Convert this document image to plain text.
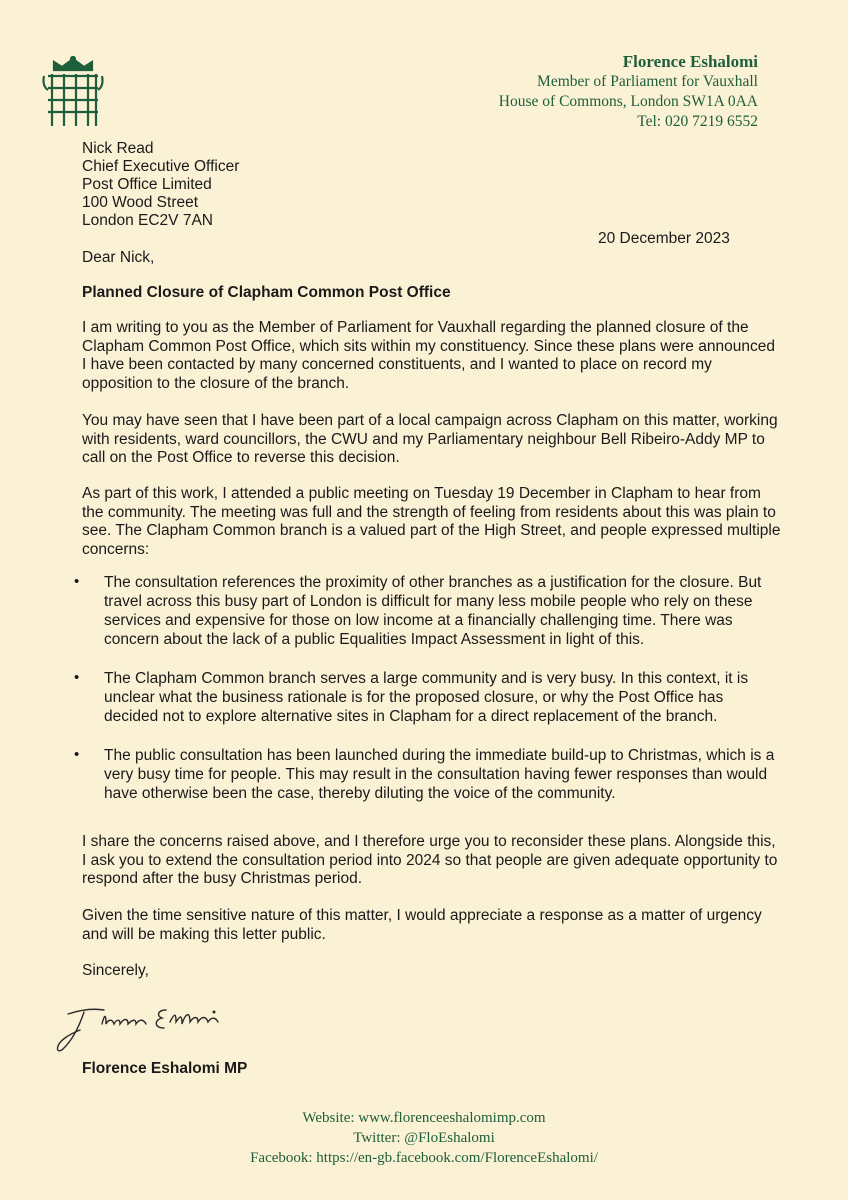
Florence Eshalomi
Member of Parliament for Vauxhall
House of Commons, London SW1A 0AA
Tel: 020 7219 6552
Nick Read
Chief Executive Officer
Post Office Limited
100 Wood Street
London EC2V 7AN
20 December 2023
Dear Nick,
Planned Closure of Clapham Common Post Office

I am writing to you as the Member of Parliament for Vauxhall regarding the planned closure of the Clapham Common Post Office, which sits within my constituency. Since these plans were announced I have been contacted by many concerned constituents, and I wanted to place on record my opposition to the closure of the branch.

You may have seen that I have been part of a local campaign across Clapham on this matter, working with residents, ward councillors, the CWU and my Parliamentary neighbour Bell Ribeiro-Addy MP to call on the Post Office to reverse this decision.

As part of this work, I attended a public meeting on Tuesday 19 December in Clapham to hear from the community. The meeting was full and the strength of feeling from residents about this was plain to see. The Clapham Common branch is a valued part of the High Street, and people expressed multiple concerns:

• The consultation references the proximity of other branches as a justification for the closure. But travel across this busy part of London is difficult for many less mobile people who rely on these services and expensive for those on low income at a financially challenging time. There was concern about the lack of a public Equalities Impact Assessment in light of this.

• The Clapham Common branch serves a large community and is very busy. In this context, it is unclear what the business rationale is for the proposed closure, or why the Post Office has decided not to explore alternative sites in Clapham for a direct replacement of the branch.

• The public consultation has been launched during the immediate build-up to Christmas, which is a very busy time for people. This may result in the consultation having fewer responses than would have otherwise been the case, thereby diluting the voice of the community.

I share the concerns raised above, and I therefore urge you to reconsider these plans. Alongside this, I ask you to extend the consultation period into 2024 so that people are given adequate opportunity to respond after the busy Christmas period.

Given the time sensitive nature of this matter, I would appreciate a response as a matter of urgency and will be making this letter public.

Sincerely,
Florence Eshalomi MP
Website: www.florenceeshalomimp.com
Twitter: @FloEshalomi
Facebook: https://en-gb.facebook.com/FlorenceEshalomi/
